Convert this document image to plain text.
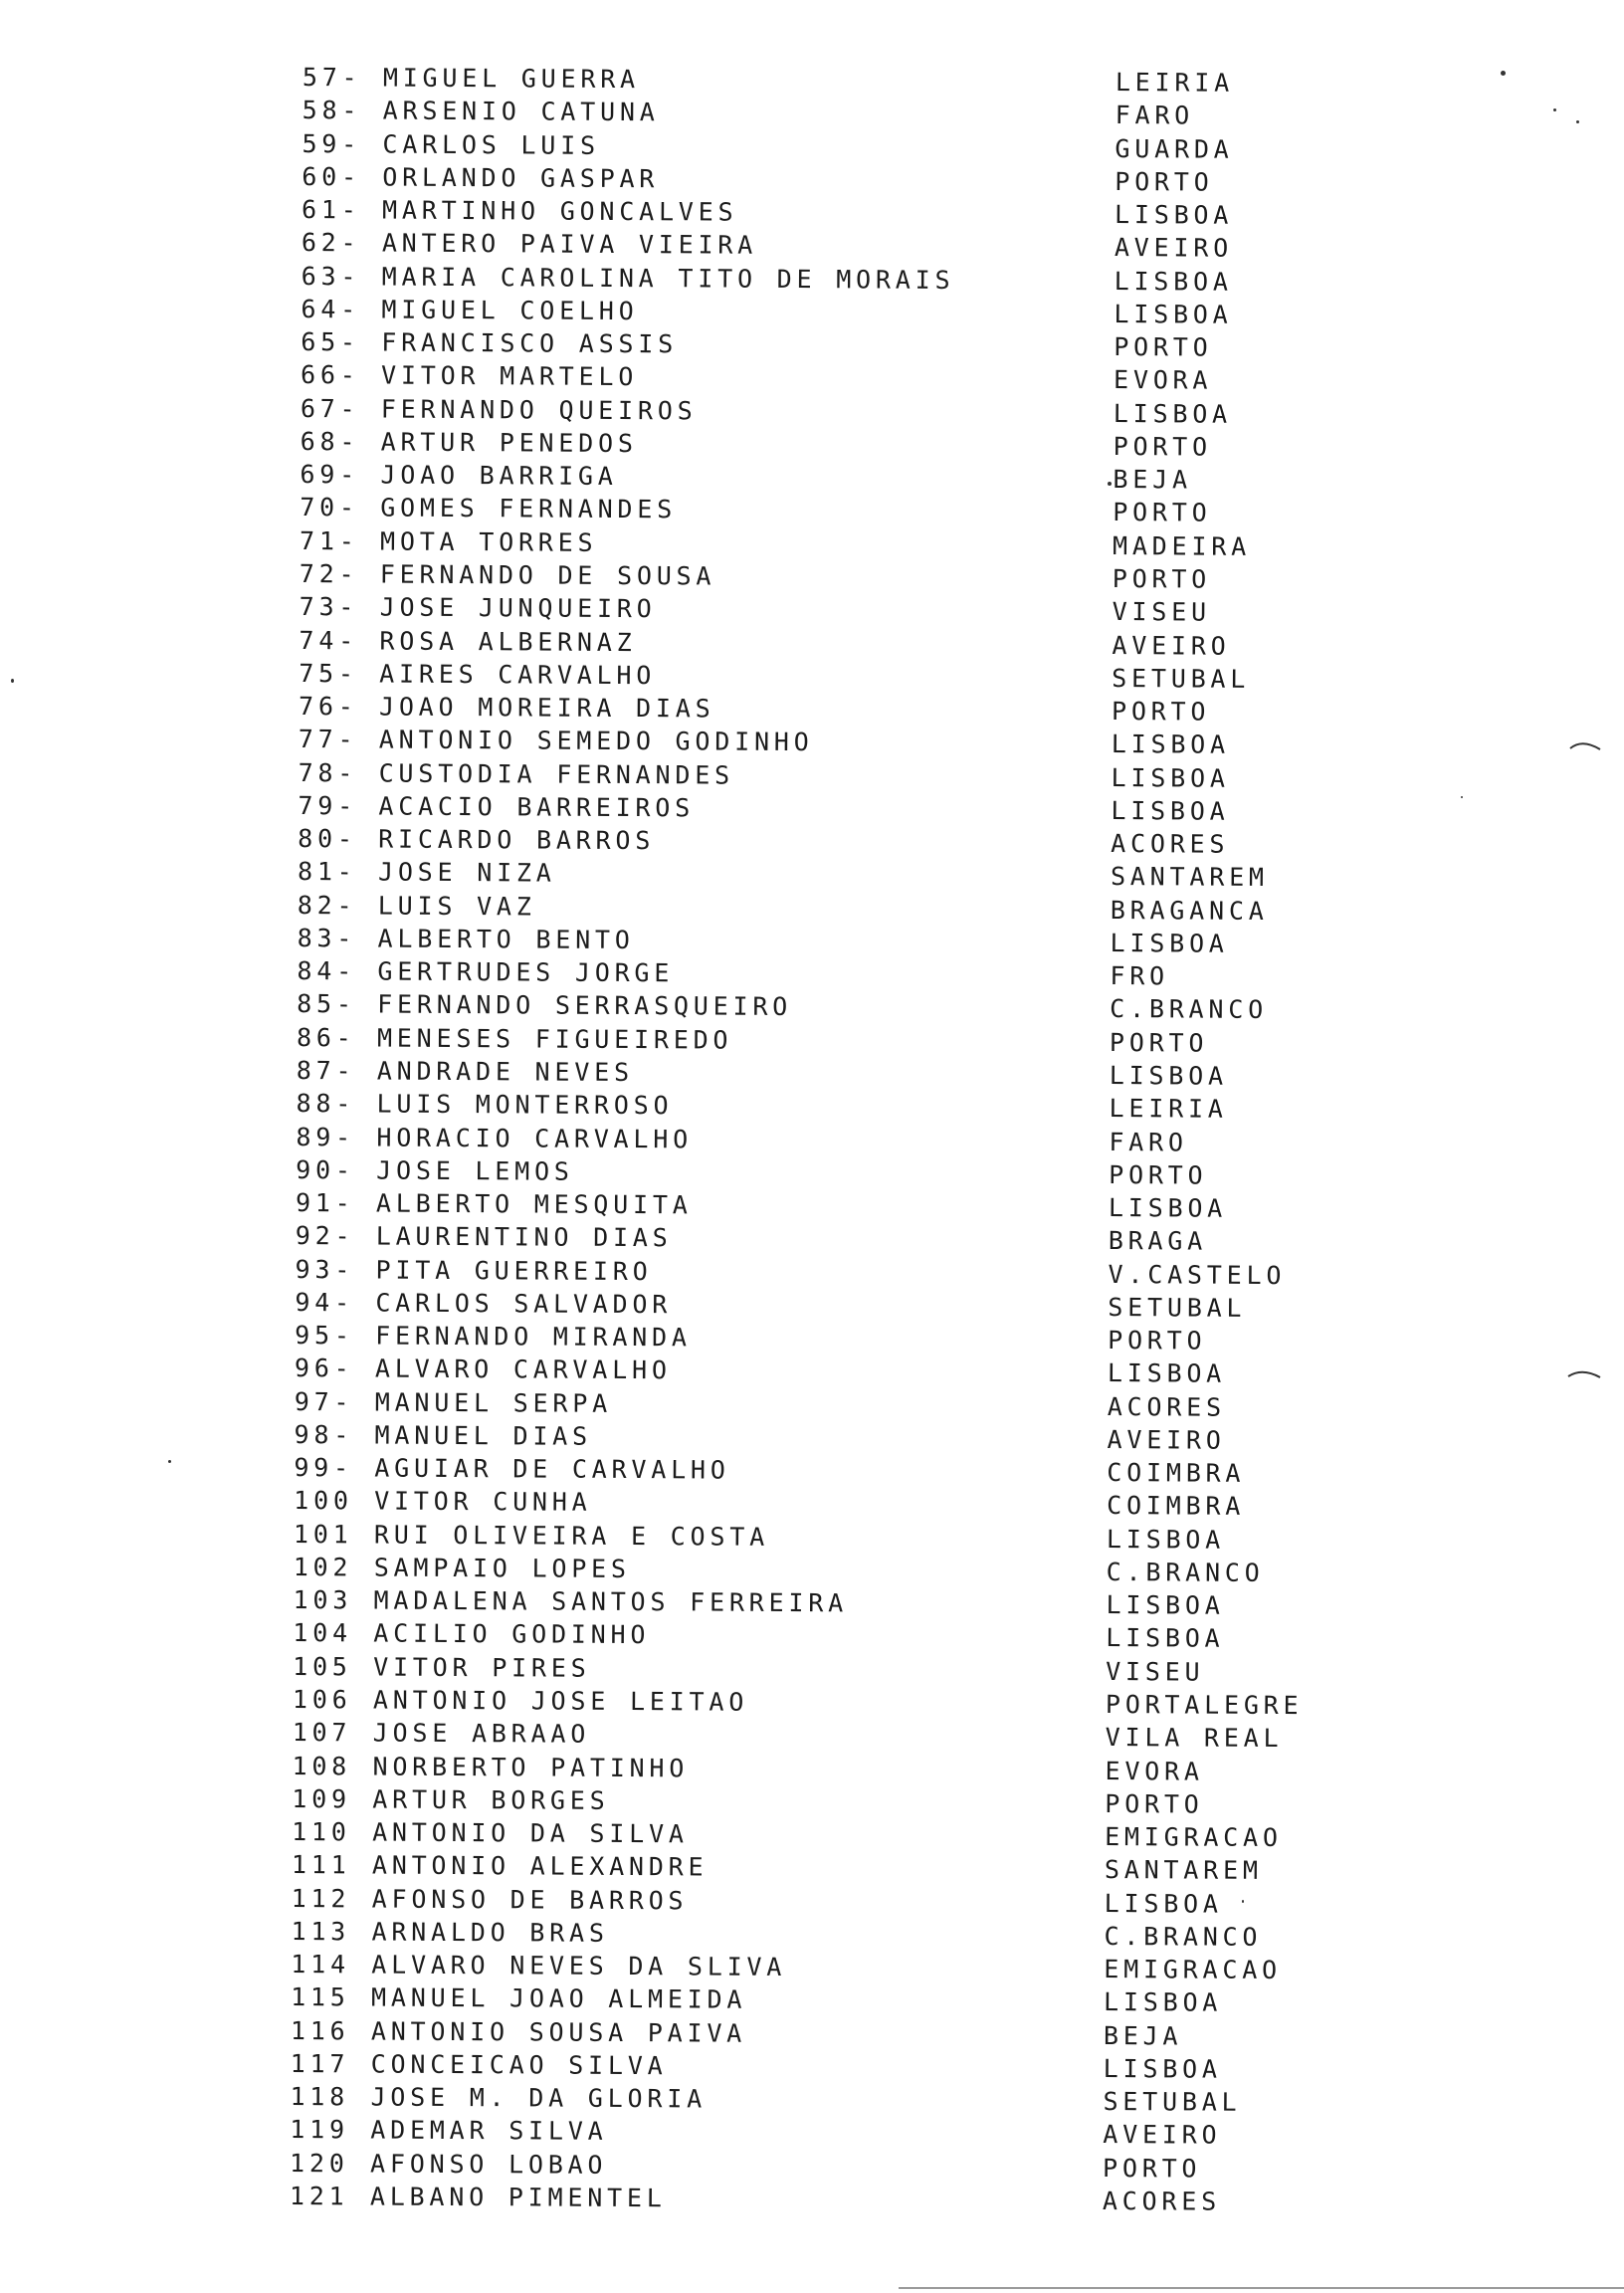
57- MIGUEL GUERRA	LEIRIA
58- ARSENIO CATUNA	FARO
59- CARLOS LUIS	GUARDA
60- ORLANDO GASPAR	PORTO
61- MARTINHO GONCALVES	LISBOA
62- ANTERO PAIVA VIEIRA	AVEIRO
63- MARIA CAROLINA TITO DE MORAIS	LISBOA
64- MIGUEL COELHO	LISBOA
65- FRANCISCO ASSIS	PORTO
66- VITOR MARTELO	EVORA
67- FERNANDO QUEIROS	LISBOA
68- ARTUR PENEDOS	PORTO
69- JOAO BARRIGA	BEJA
70- GOMES FERNANDES	PORTO
71- MOTA TORRES	MADEIRA
72- FERNANDO DE SOUSA	PORTO
73- JOSE JUNQUEIRO	VISEU
74- ROSA ALBERNAZ	AVEIRO
75- AIRES CARVALHO	SETUBAL
76- JOAO MOREIRA DIAS	PORTO
77- ANTONIO SEMEDO GODINHO	LISBOA
78- CUSTODIA FERNANDES	LISBOA
79- ACACIO BARREIROS	LISBOA
80- RICARDO BARROS	ACORES
81- JOSE NIZA	SANTAREM
82- LUIS VAZ	BRAGANCA
83- ALBERTO BENTO	LISBOA
84- GERTRUDES JORGE	FRO
85- FERNANDO SERRASQUEIRO	C.BRANCO
86- MENESES FIGUEIREDO	PORTO
87- ANDRADE NEVES	LISBOA
88- LUIS MONTERROSO	LEIRIA
89- HORACIO CARVALHO	FARO
90- JOSE LEMOS	PORTO
91- ALBERTO MESQUITA	LISBOA
92- LAURENTINO DIAS	BRAGA
93- PITA GUERREIRO	V.CASTELO
94- CARLOS SALVADOR	SETUBAL
95- FERNANDO MIRANDA	PORTO
96- ALVARO CARVALHO	LISBOA
97- MANUEL SERPA	ACORES
98- MANUEL DIAS	AVEIRO
99- AGUIAR DE CARVALHO	COIMBRA
100 VITOR CUNHA	COIMBRA
101 RUI OLIVEIRA E COSTA	LISBOA
102 SAMPAIO LOPES	C.BRANCO
103 MADALENA SANTOS FERREIRA	LISBOA
104 ACILIO GODINHO	LISBOA
105 VITOR PIRES	VISEU
106 ANTONIO JOSE LEITAO	PORTALEGRE
107 JOSE ABRAAO	VILA REAL
108 NORBERTO PATINHO	EVORA
109 ARTUR BORGES	PORTO
110 ANTONIO DA SILVA	EMIGRACAO
111 ANTONIO ALEXANDRE	SANTAREM
112 AFONSO DE BARROS	LISBOA
113 ARNALDO BRAS	C.BRANCO
114 ALVARO NEVES DA SLIVA	EMIGRACAO
115 MANUEL JOAO ALMEIDA	LISBOA
116 ANTONIO SOUSA PAIVA	BEJA
117 CONCEICAO SILVA	LISBOA
118 JOSE M. DA GLORIA	SETUBAL
119 ADEMAR SILVA	AVEIRO
120 AFONSO LOBAO	PORTO
121 ALBANO PIMENTEL	ACORES
